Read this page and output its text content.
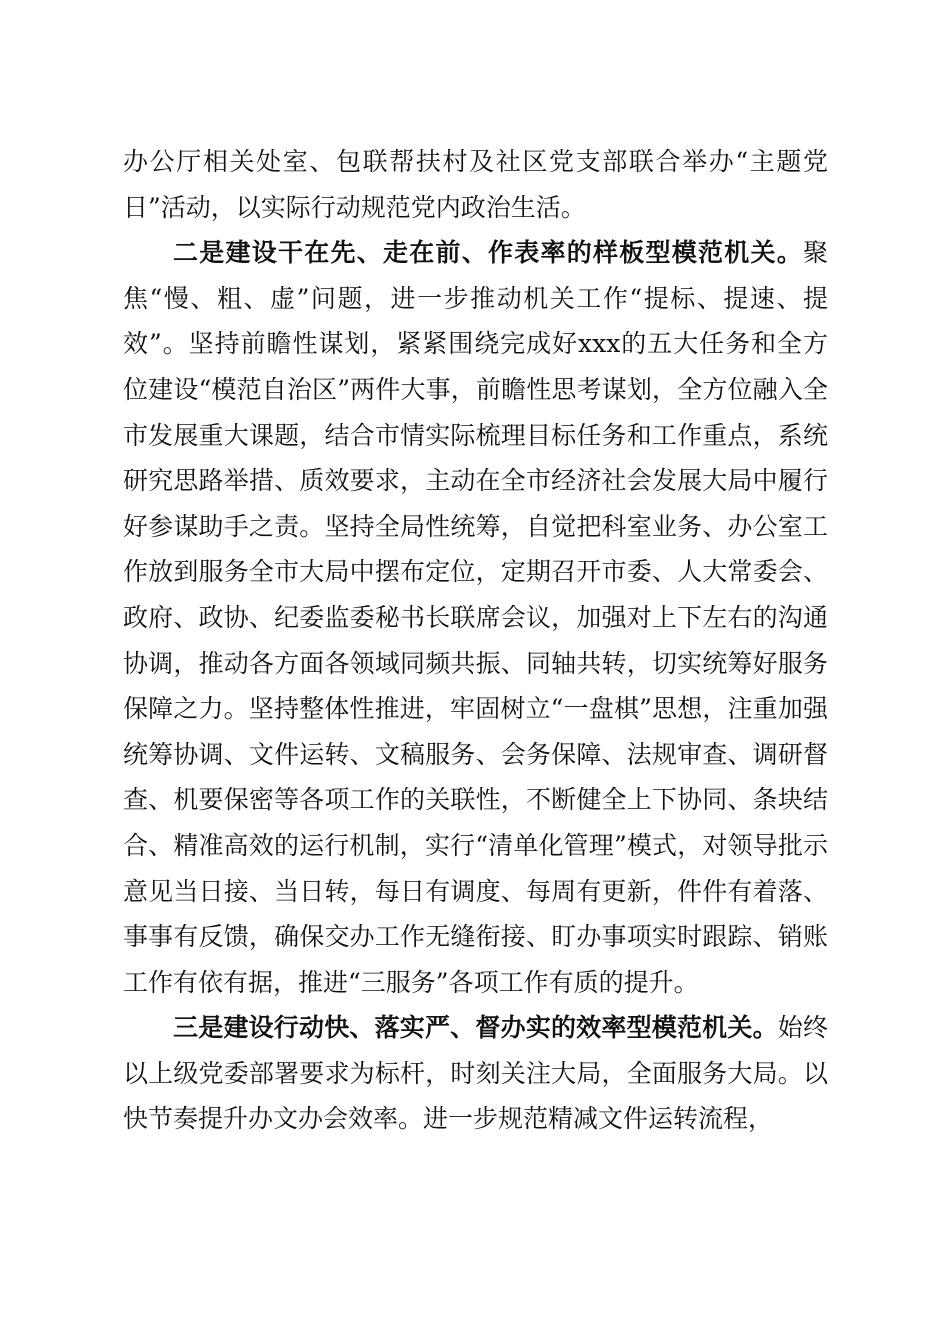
办公厅相关处室、包联帮扶村及社区党支部联合举办“主题党日”活动，以实际行动规范党内政治生活。

二是建设干在先、走在前、作表率的样板型模范机关。聚焦“慢、粗、虚”问题，进一步推动机关工作“提标、提速、提效”。坚持前瞻性谋划，紧紧围绕完成好xxx的五大任务和全方位建设“模范自治区”两件大事，前瞻性思考谋划，全方位融入全市发展重大课题，结合市情实际梳理目标任务和工作重点，系统研究思路举措、质效要求，主动在全市经济社会发展大局中履行好参谋助手之责。坚持全局性统筹，自觉把科室业务、办公室工作放到服务全市大局中摆布定位，定期召开市委、人大常委会、政府、政协、纪委监委秘书长联席会议，加强对上下左右的沟通协调，推动各方面各领域同频共振、同轴共转，切实统筹好服务保障之力。坚持整体性推进，牢固树立“一盘棋”思想，注重加强统筹协调、文件运转、文稿服务、会务保障、法规审查、调研督查、机要保密等各项工作的关联性，不断健全上下协同、条块结合、精准高效的运行机制，实行“清单化管理”模式，对领导批示意见当日接、当日转，每日有调度、每周有更新，件件有着落、事事有反馈，确保交办工作无缝衔接、盯办事项实时跟踪、销账工作有依有据，推进“三服务”各项工作有质的提升。

三是建设行动快、落实严、督办实的效率型模范机关。始终以上级党委部署要求为标杆，时刻关注大局，全面服务大局。以快节奏提升办文办会效率。进一步规范精减文件运转流程，
